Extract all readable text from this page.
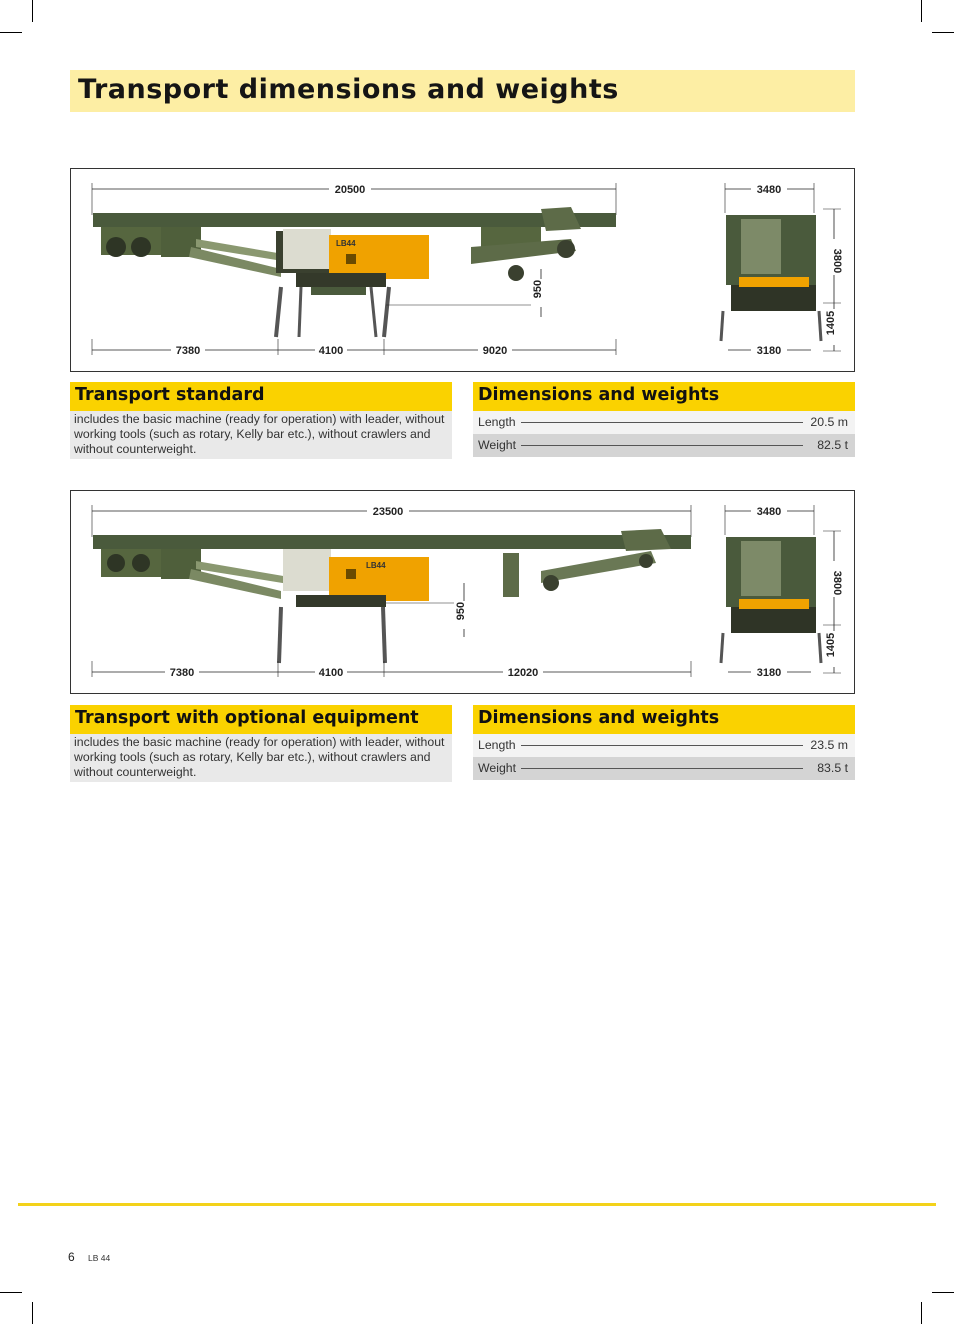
Transport dimensions and weights
20500
LB44
950
7380	4100	9020
3480
3180
3800
1405
Transport standard
includes the basic machine (ready for operation) with leader, without working tools (such as rotary, Kelly bar etc.), without crawlers and without counterweight.
Dimensions and weights
Length	20.5 m
Weight	82.5 t
23500
LB44
950
7380	4100	12020
3480
3180
3800
1405
Transport with optional equipment
includes the basic machine (ready for operation) with leader, without working tools (such as rotary, Kelly bar etc.), without crawlers and without counterweight.
Dimensions and weights
Length	23.5 m
Weight	83.5 t
6 LB 44
